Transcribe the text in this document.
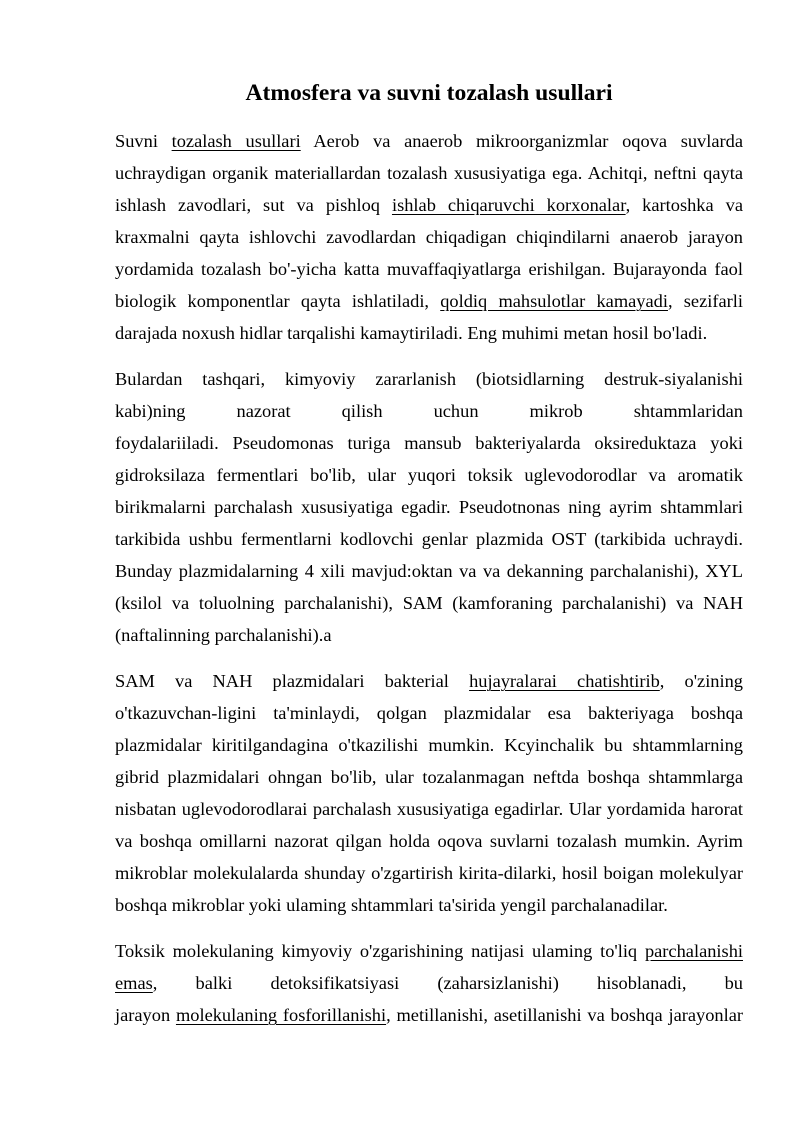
Atmosfera va suvni tozalash usullari
Suvni tozalash usullari Aerob va anaerob mikroorganizmlar oqova suvlarda
uchraydigan organik materiallardan tozalash xususiyatiga ega. Achitqi, neftni qayta
ishlash zavodlari, sut va pishloq ishlab chiqaruvchi korxonalar, kartoshka va
kraxmalni qayta ishlovchi zavodlardan chiqadigan chiqindilarni anaerob jarayon
yordamida tozalash bo'-yicha katta muvaffaqiyatlarga erishilgan. Bujarayonda faol
biologik komponentlar qayta ishlatiladi, qoldiq mahsulotlar kamayadi, sezifarli
darajada noxush hidlar tarqalishi kamaytiriladi. Eng muhimi metan hosil bo'ladi.
Bulardan tashqari, kimyoviy zararlanish (biotsidlarning destruk-siyalanishi
kabi)ning nazorat qilish uchun mikrob shtammlaridan
foydalariiladi. Pseudomonas turiga mansub bakteriyalarda oksireduktaza yoki
gidroksilaza fermentlari bo'lib, ular yuqori toksik uglevodorodlar va aromatik
birikmalarni parchalash xususiyatiga egadir. Pseudotnonas ning ayrim shtammlari
tarkibida ushbu fermentlarni kodlovchi genlar plazmida OST (tarkibida uchraydi.
Bunday plazmidalarning 4 xili mavjud:oktan va va dekanning parchalanishi), XYL
(ksilol va toluolning parchalanishi), SAM (kamforaning parchalanishi) va NAH
(naftalinning parchalanishi).a
SAM va NAH plazmidalari bakterial hujayralarai chatishtirib, o'zining
o'tkazuvchan-ligini ta'minlaydi, qolgan plazmidalar esa bakteriyaga boshqa
plazmidalar kiritilgandagina o'tkazilishi mumkin. Kcyinchalik bu shtammlarning
gibrid plazmidalari ohngan bo'lib, ular tozalanmagan neftda boshqa shtammlarga
nisbatan uglevodorodlarai parchalash xususiyatiga egadirlar. Ular yordamida harorat
va boshqa omillarni nazorat qilgan holda oqova suvlarni tozalash mumkin. Ayrim
mikroblar molekulalarda shunday o'zgartirish kirita-dilarki, hosil boigan molekulyar
boshqa mikroblar yoki ulaming shtammlari ta'sirida yengil parchalanadilar.
Toksik molekulaning kimyoviy o'zgarishining natijasi ulaming to'liq parchalanishi
emas, balki detoksifikatsiyasi (zaharsizlanishi) hisoblanadi, bu
jarayon molekulaning fosforillanishi, metillanishi, asetillanishi va boshqa jarayonlar
